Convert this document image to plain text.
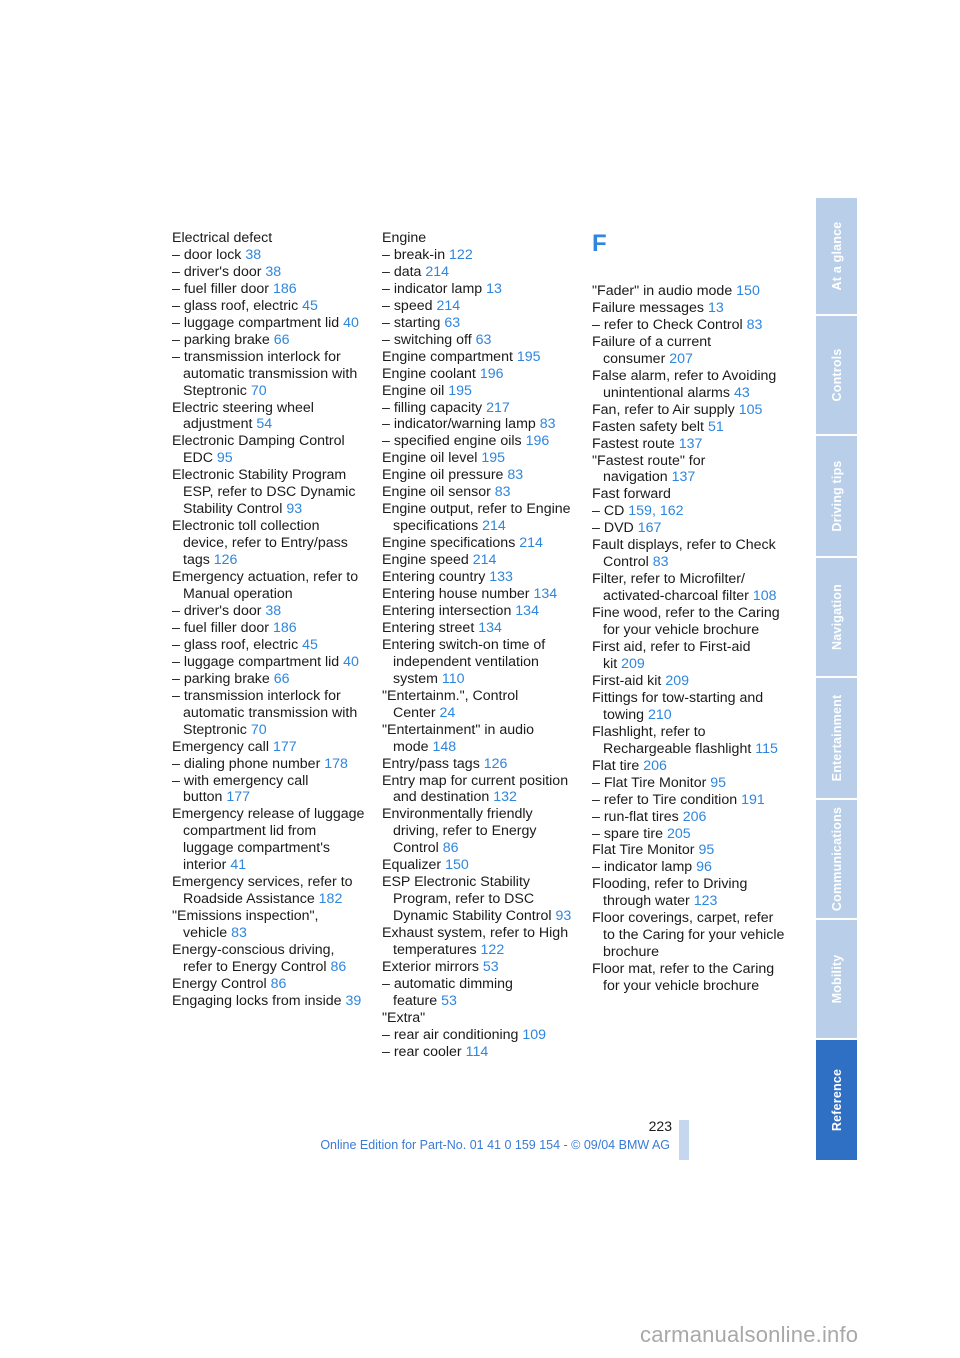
Electrical defect
– door lock 38
– driver's door 38
– fuel filler door 186
– glass roof, electric 45
– luggage compartment lid 40
– parking brake 66
– transmission interlock for automatic transmission with Steptronic 70
Electric steering wheel adjustment 54
Electronic Damping Control EDC 95
Electronic Stability Program ESP, refer to DSC Dynamic Stability Control 93
Electronic toll collection device, refer to Entry/pass tags 126
Emergency actuation, refer to Manual operation
– driver's door 38
– fuel filler door 186
– glass roof, electric 45
– luggage compartment lid 40
– parking brake 66
– transmission interlock for automatic transmission with Steptronic 70
Emergency call 177
– dialing phone number 178
– with emergency call button 177
Emergency release of luggage compartment lid from luggage compartment's interior 41
Emergency services, refer to Roadside Assistance 182
"Emissions inspection", vehicle 83
Energy-conscious driving, refer to Energy Control 86
Energy Control 86
Engaging locks from inside 39
Engine
– break-in 122
– data 214
– indicator lamp 13
– speed 214
– starting 63
– switching off 63
Engine compartment 195
Engine coolant 196
Engine oil 195
– filling capacity 217
– indicator/warning lamp 83
– specified engine oils 196
Engine oil level 195
Engine oil pressure 83
Engine oil sensor 83
Engine output, refer to Engine specifications 214
Engine specifications 214
Engine speed 214
Entering country 133
Entering house number 134
Entering intersection 134
Entering street 134
Entering switch-on time of independent ventilation system 110
"Entertainm.", Control Center 24
"Entertainment" in audio mode 148
Entry/pass tags 126
Entry map for current position and destination 132
Environmentally friendly driving, refer to Energy Control 86
Equalizer 150
ESP Electronic Stability Program, refer to DSC Dynamic Stability Control 93
Exhaust system, refer to High temperatures 122
Exterior mirrors 53
– automatic dimming feature 53
"Extra"
– rear air conditioning 109
– rear cooler 114
F
"Fader" in audio mode 150
Failure messages 13
– refer to Check Control 83
Failure of a current consumer 207
False alarm, refer to Avoiding unintentional alarms 43
Fan, refer to Air supply 105
Fasten safety belt 51
Fastest route 137
"Fastest route" for navigation 137
Fast forward
– CD 159, 162
– DVD 167
Fault displays, refer to Check Control 83
Filter, refer to Microfilter/ activated-charcoal filter 108
Fine wood, refer to the Caring for your vehicle brochure
First aid, refer to First-aid kit 209
First-aid kit 209
Fittings for tow-starting and towing 210
Flashlight, refer to Rechargeable flashlight 115
Flat tire 206
– Flat Tire Monitor 95
– refer to Tire condition 191
– run-flat tires 206
– spare tire 205
Flat Tire Monitor 95
– indicator lamp 96
Flooding, refer to Driving through water 123
Floor coverings, carpet, refer to the Caring for your vehicle brochure
Floor mat, refer to the Caring for your vehicle brochure
At a glance
Controls
Driving tips
Navigation
Entertainment
Communications
Mobility
Reference
223
Online Edition for Part-No. 01 41 0 159 154 - © 09/04 BMW AG
carmanualsonline.info
